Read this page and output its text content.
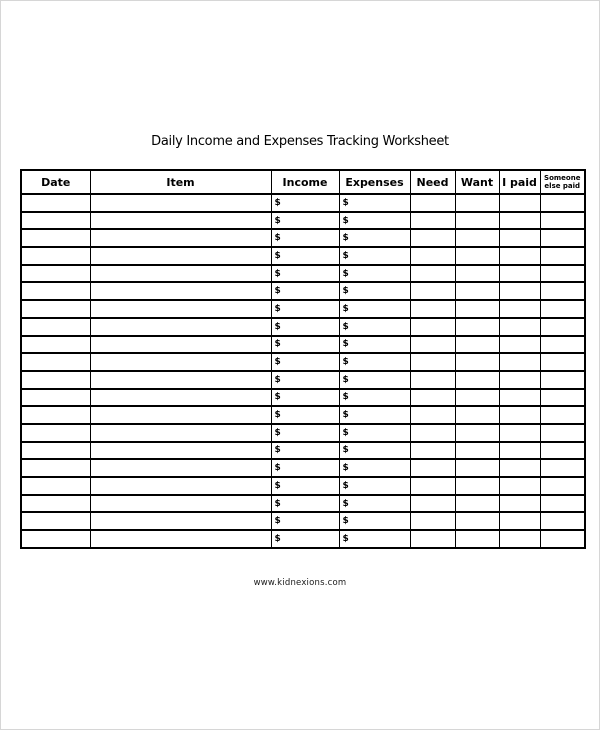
Daily Income and Expenses Tracking Worksheet
Date	Item	Income	Expenses	Need	Want	I paid	Someone else paid
		$	$				
		$	$				
		$	$				
		$	$				
		$	$				
		$	$				
		$	$				
		$	$				
		$	$				
		$	$				
		$	$				
		$	$				
		$	$				
		$	$				
		$	$				
		$	$				
		$	$				
		$	$				
		$	$				
		$	$				
www.kidnexions.com
